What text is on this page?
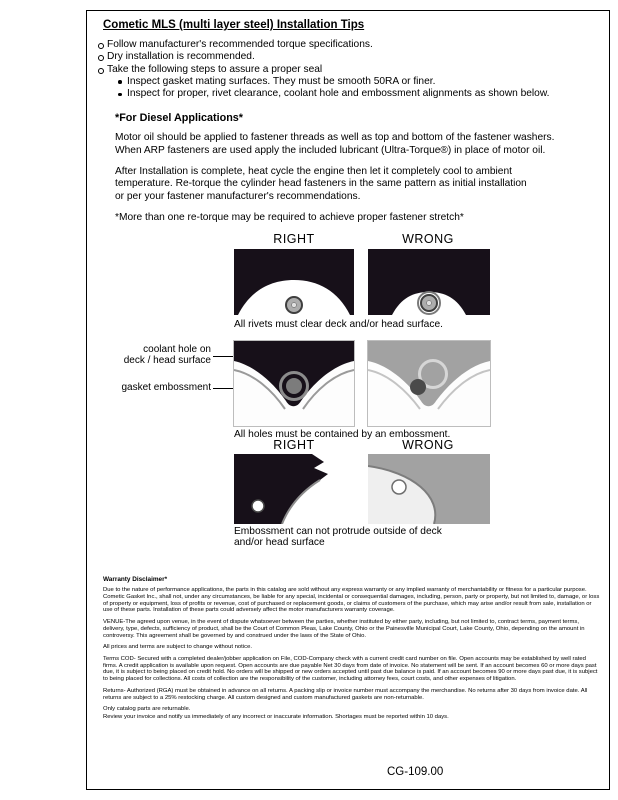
Cometic MLS (multi layer steel) Installation Tips
Follow manufacturer's recommended torque specifications.
Dry installation is recommended.
Take the following steps to assure a proper seal
Inspect gasket mating surfaces. They must be smooth 50RA or finer.
Inspect for proper, rivet clearance, coolant hole and embossment alignments as shown below.
*For Diesel Applications*
Motor oil should be applied to fastener threads as well as top and bottom of the fastener washers.
When ARP fasteners are used apply the included lubricant (Ultra-Torque®) in place of motor oil.
After Installation is complete, heat cycle the engine then let it completely cool to ambient
temperature. Re-torque the cylinder head fasteners in the same pattern as initial installation
or per your fastener manufacturer's recommendations.
*More than one re-torque may be required to achieve proper fastener stretch*
RIGHT	WRONG
All rivets must clear deck and/or head surface.
coolant hole on
deck / head surface
gasket embossment
All holes must be contained by an embossment.
RIGHT	WRONG
Embossment can not protrude outside of deck
and/or head surface
Warranty Disclaimer*
Due to the nature of performance applications, the parts in this catalog are sold without any express warranty or any implied warranty of merchantability or fitness for a particular purpose. Cometic Gasket Inc., shall not, under any circumstances, be liable for any special, incidental or consequential damages, including, person, party or property, but not limited to, damage, or loss of property or equipment, loss of profits or revenue, cost of purchased or replacement goods, or claims of customers of the purchase, which may arise and/or result from sale, installation or use of these parts. Installation of these parts could adversely affect the motor manufacturers warranty coverage.
VENUE-The agreed upon venue, in the event of dispute whatsoever between the parties, whether instituted by either party, including, but not limited to, contract terms, payment terms, delivery, type, defects, sufficiency of product, shall be the Court of Common Pleas, Lake County, Ohio or the Painesville Municipal Court, Lake County, Ohio, depending on the amount in controversy. This agreement shall be governed by and construed under the laws of the State of Ohio.
All prices and terms are subject to change without notice.
Terms COD- Secured with a completed dealer/jobber application on File, COD-Company check with a current credit card number on file. Open accounts may be established by well rated firms. A credit application is available upon request. Open accounts are due payable Net 30 days from date of invoice. No statement will be sent. If an account becomes 60 or more days past due, it is subject to being placed on credit hold. No orders will be shipped or new orders accepted until past due balance is paid. If an account becomes 90 or more days past due, it is subject to being placed for collections. All costs of collection are the responsibility of the customer, including attorney fees, court costs, and other expenses of litigation.
Returns- Authorized (RGA) must be obtained in advance on all returns. A packing slip or invoice number must accompany the merchandise. No returns after 30 days from invoice date. All returns are subject to a 25% restocking charge. All custom designed and custom manufactured gaskets are non-returnable.
Only catalog parts are returnable.
Review your invoice and notify us immediately of any incorrect or inaccurate information. Shortages must be reported within 10 days.
CG-109.00
